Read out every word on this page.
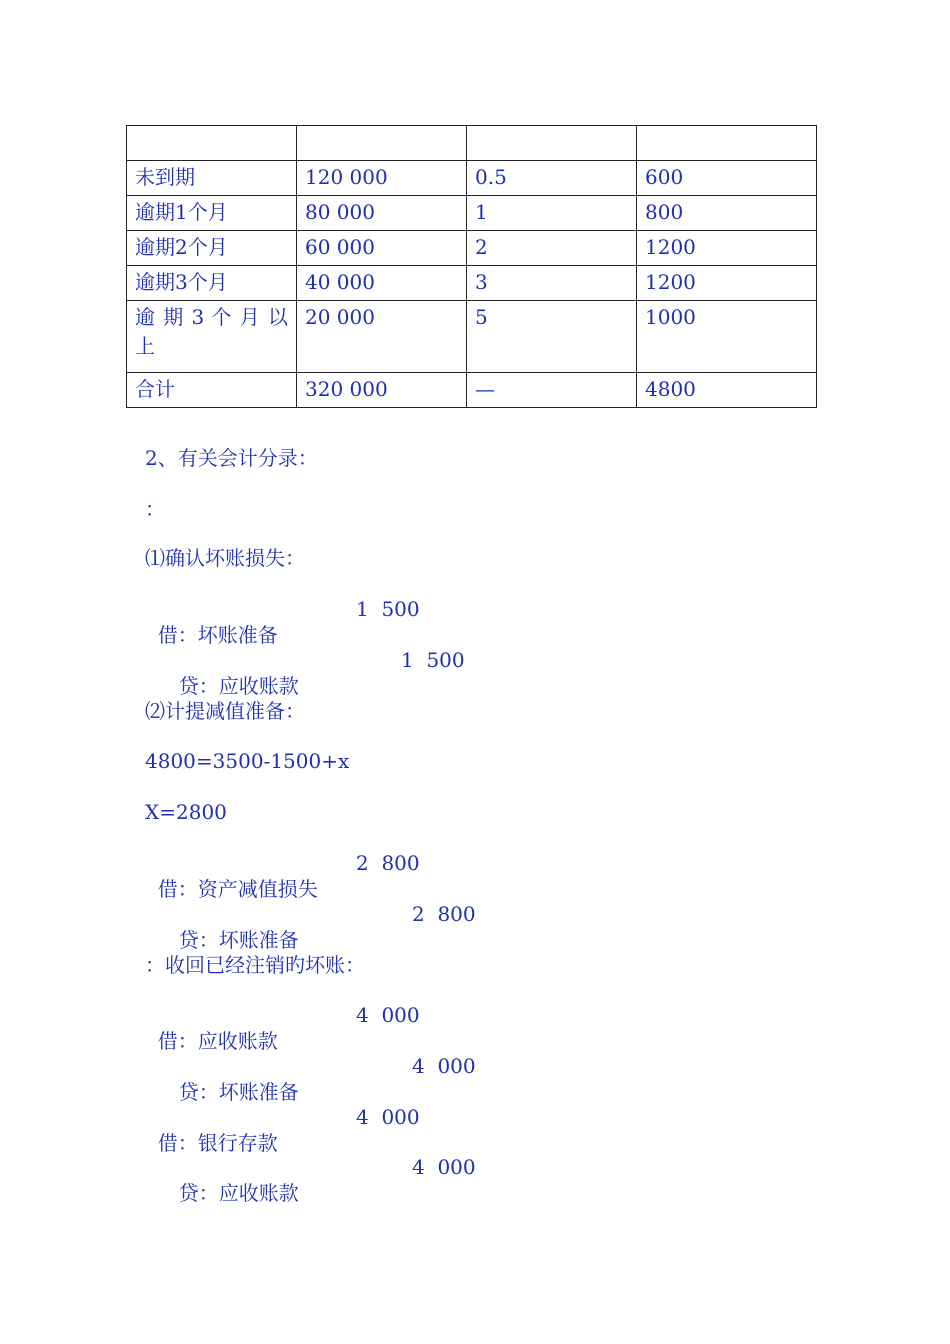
未到期	120 000	0.5	600
逾期1个月	80 000	1	800
逾期2个月	60 000	2	1200
逾期3个月	40 000	3	1200
逾 期 3 个 月 以 上	20 000	5	1000
合计	320 000	—	4800
2、有关会计分录：
：
⑴确认坏账损失：

借：坏账准备

1  500

贷：应收账款

1  500

⑵计提减值准备：
4800=3500-1500+x
X=2800

借：资产减值损失

2  800

贷：坏账准备

2  800

：收回已经注销旳坏账：

借：应收账款

4  000

贷：坏账准备

4  000

借：银行存款

4  000

贷：应收账款

4  000
